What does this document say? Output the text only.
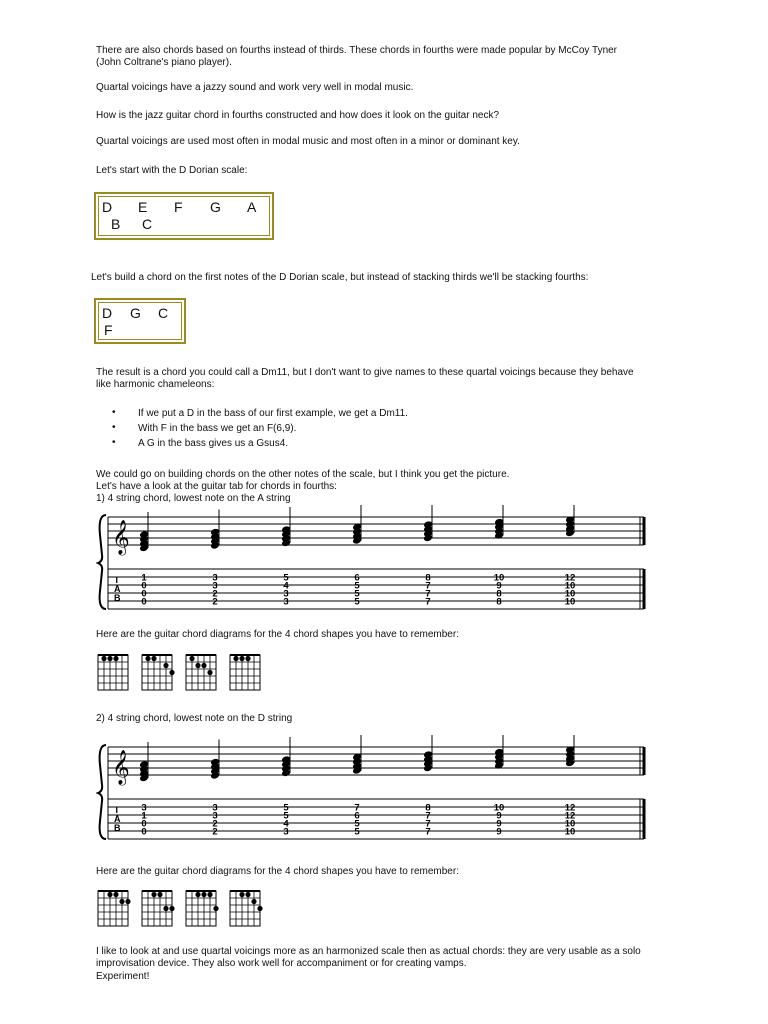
There are also chords based on fourths instead of thirds. These chords in fourths were made popular by McCoy Tyner
(John Coltrane's piano player).
Quartal voicings have a jazzy sound and work very well in modal music.
How is the jazz guitar chord in fourths constructed and how does it look on the guitar neck?
Quartal voicings are used most often in modal music and most often in a minor or dominant key.
Let's start with the D Dorian scale:
D E F G A
B C
Let's build a chord on the first notes of the D Dorian scale, but instead of stacking thirds we'll be stacking fourths:
D G C
F
The result is a chord you could call a Dm11, but I don't want to give names to these quartal voicings because they behave
like harmonic chameleons:
• If we put a D in the bass of our first example, we get a Dm11.
• With F in the bass we get an F(6,9).
• A G in the bass gives us a Gsus4.
We could go on building chords on the other notes of the scale, but I think you get the picture.
Let's have a look at the guitar tab for chords in fourths:
1) 4 string chord, lowest note on the A string
𝄞
T
A
B
1
0
0
0
3
3
2
2
5
4
3
3
6
5
5
5
8
7
7
7
10
9
8
8
12
10
10
10
Here are the guitar chord diagrams for the 4 chord shapes you have to remember:
2) 4 string chord, lowest note on the D string
𝄞
T
A
B
3
1
0
0
3
3
2
2
5
5
4
3
7
6
5
5
8
7
7
7
10
9
9
9
12
12
10
10
Here are the guitar chord diagrams for the 4 chord shapes you have to remember:
I like to look at and use quartal voicings more as an harmonized scale then as actual chords: they are very usable as a solo
improvisation device. They also work well for accompaniment or for creating vamps.
Experiment!
